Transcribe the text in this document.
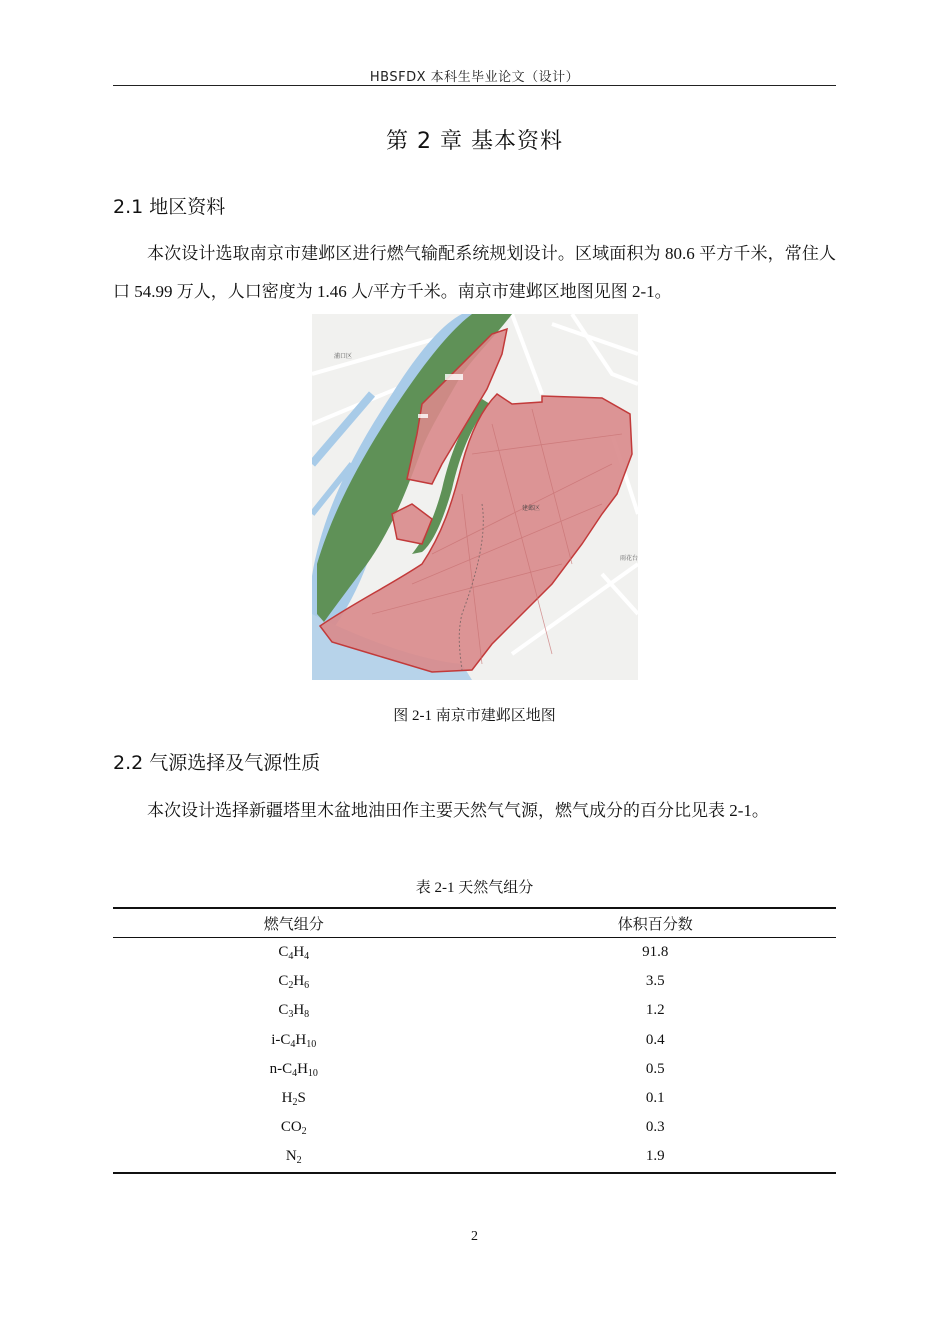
HBSFDX 本科生毕业论文（设计）
第 2 章 基本资料
2.1 地区资料
本次设计选取南京市建邺区进行燃气输配系统规划设计。区域面积为 80.6 平方千米，常住人口 54.99 万人，人口密度为 1.46 人/平方千米。南京市建邺区地图见图 2-1。
浦口区
建邺区
雨花台
图 2-1 南京市建邺区地图
2.2 气源选择及气源性质
本次设计选择新疆塔里木盆地油田作主要天然气气源，燃气成分的百分比见表 2-1。
表 2-1 天然气组分
燃气组分	体积百分数
$C_4H_4$	91.8
$C_2H_6$	3.5
$C_3H_8$	1.2
$i-C_4H_{10}$	0.4
$n-C_4H_{10}$	0.5
$H_2S$	0.1
$CO_2$	0.3
$N_2$	1.9
2
